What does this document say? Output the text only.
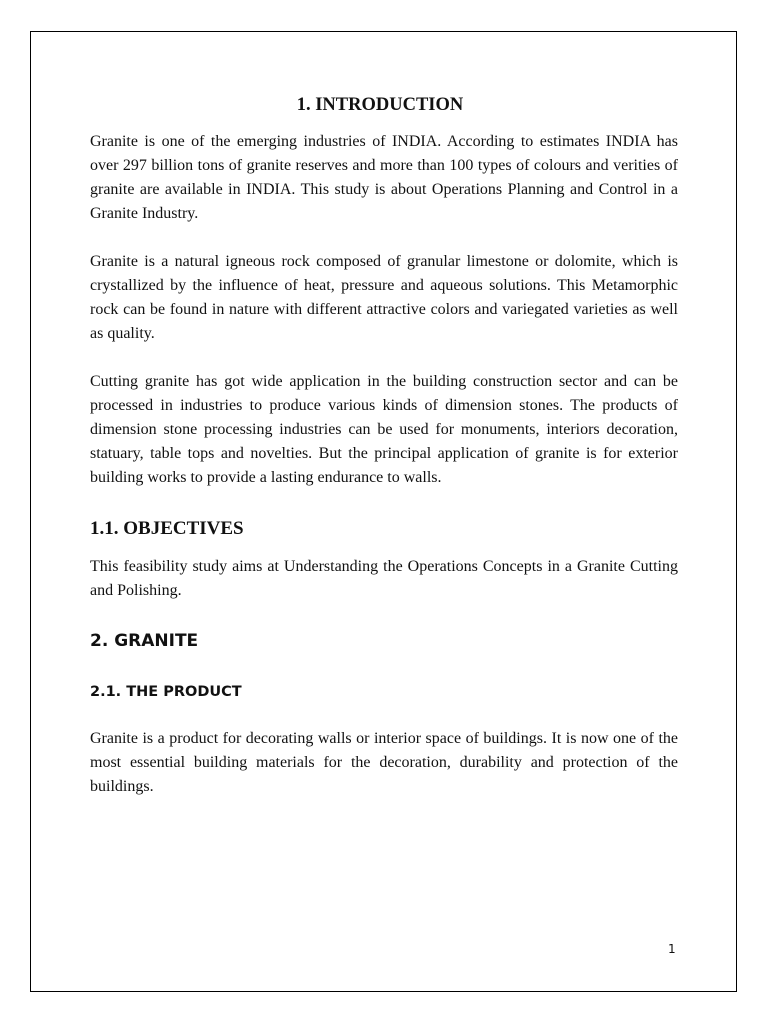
1. INTRODUCTION

Granite is one of the emerging industries of INDIA. According to estimates INDIA has over 297 billion tons of granite reserves and more than 100 types of colours and verities of granite are available in INDIA. This study is about Operations Planning and Control in a Granite Industry.

Granite is a natural igneous rock composed of granular limestone or dolomite, which is crystallized by the influence of heat, pressure and aqueous solutions. This Metamorphic rock can be found in nature with different attractive colors and variegated varieties as well as quality.

Cutting granite has got wide application in the building construction sector and can be processed in industries to produce various kinds of dimension stones. The products of dimension stone processing industries can be used for monuments, interiors decoration, statuary, table tops and novelties. But the principal application of granite is for exterior building works to provide a lasting endurance to walls.

1.1. OBJECTIVES

This feasibility study aims at Understanding the Operations Concepts in a Granite Cutting and Polishing.

2. GRANITE
2.1. THE PRODUCT

Granite is a product for decorating walls or interior space of buildings. It is now one of the most essential building materials for the decoration, durability and protection of the buildings.

1
